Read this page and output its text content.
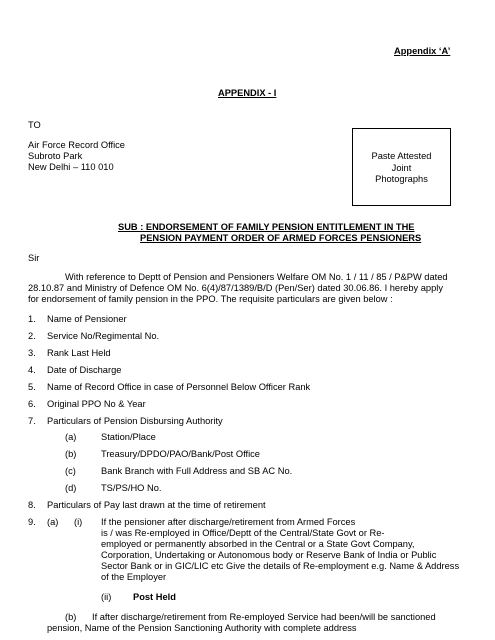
Appendix ‘A’
APPENDIX - I
TO
Air Force Record Office
Subroto Park
New Delhi – 110 010
Paste Attested
Joint
Photographs
SUB : ENDORSEMENT OF FAMILY PENSION ENTITLEMENT IN THE
PENSION PAYMENT ORDER OF ARMED FORCES PENSIONERS
Sir
With reference to Deptt of Pension and Pensioners Welfare OM No. 1 / 11 / 85 / P&PW dated
28.10.87 and Ministry of Defence OM No. 6(4)/87/1389/B/D (Pen/Ser) dated 30.06.86. I hereby apply
for endorsement of family pension in the PPO. The requisite particulars are given below :
1. Name of Pensioner
2. Service No/Regimental No.
3. Rank Last Held
4. Date of Discharge
5. Name of Record Office in case of Personnel Below Officer Rank
6. Original PPO No & Year
7. Particulars of Pension Disbursing Authority
(a)	Station/Place
(b)	Treasury/DPDO/PAO/Bank/Post Office
(c)	Bank Branch with Full Address and SB AC No.
(d)	TS/PS/HO No.
8. Particulars of Pay last drawn at the time of retirement
9. (a) (i) If the pensioner after discharge/retirement from Armed Forces
is / was Re-employed in Office/Deptt of the Central/State Govt or Re-
employed or permanently absorbed in the Central or a State Govt Company,
Corporation, Undertaking or Autonomous body or Reserve Bank of India or Public
Sector Bank or in GIC/LIC etc Give the details of Re-employment e.g. Name & Address
of the Employer
(ii) Post Held
(b) If after discharge/retirement from Re-employed Service had been/will be sanctioned
pension, Name of the Pension Sanctioning Authority with complete address
